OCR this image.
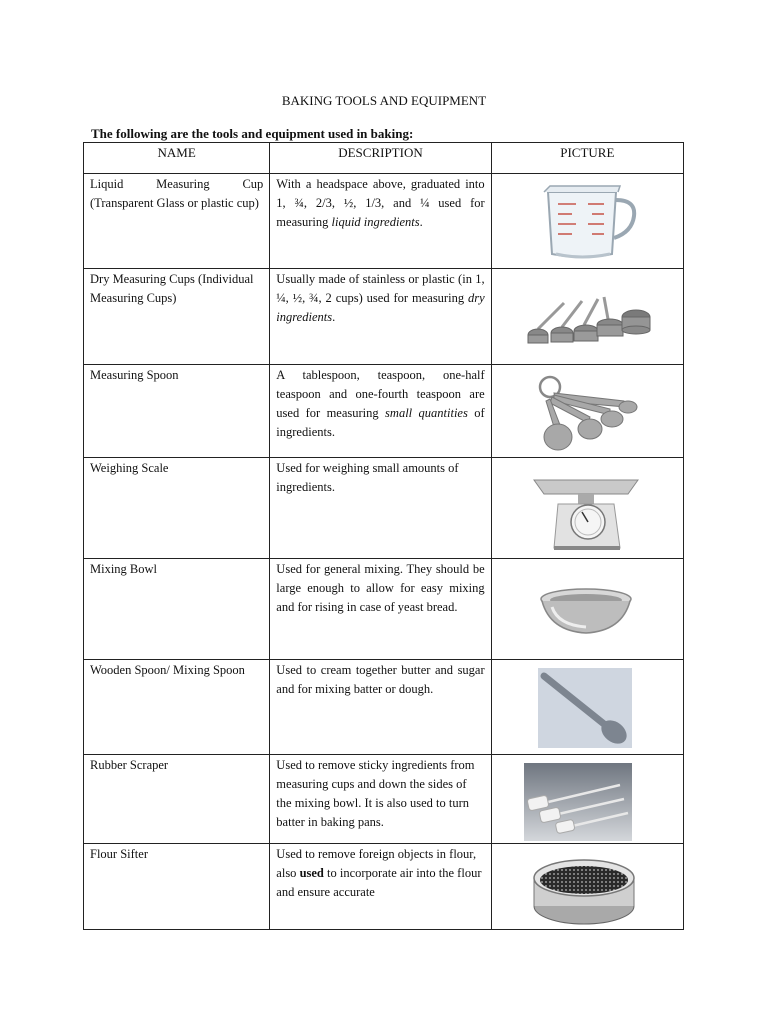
BAKING TOOLS AND EQUIPMENT
The following are the tools and equipment used in baking:
NAME	DESCRIPTION	PICTURE
Liquid Measuring Cup (Transparent Glass or plastic cup)	With a headspace above, graduated into 1, ¾, 2/3, ½, 1/3, and ¼ used for measuring liquid ingredients.	

Dry Measuring Cups (Individual Measuring Cups)	Usually made of stainless or plastic (in 1, ¼, ½, ¾, 2 cups) used for measuring dry ingredients.	

Measuring Spoon	A tablespoon, teaspoon, one-half teaspoon and one-fourth teaspoon are used for measuring small quantities of ingredients.	

Weighing Scale	Used for weighing small amounts of ingredients.	

Mixing Bowl	Used for general mixing. They should be large enough to allow for easy mixing and for rising in case of yeast bread.	

Wooden Spoon/ Mixing Spoon	Used to cream together butter and sugar and for mixing batter or dough.	

Rubber Scraper	Used to remove sticky ingredients from measuring cups and down the sides of the mixing bowl. It is also used to turn batter in baking pans.	

Flour Sifter	Used to remove foreign objects in flour, also used to incorporate air into the flour and ensure accurate	
